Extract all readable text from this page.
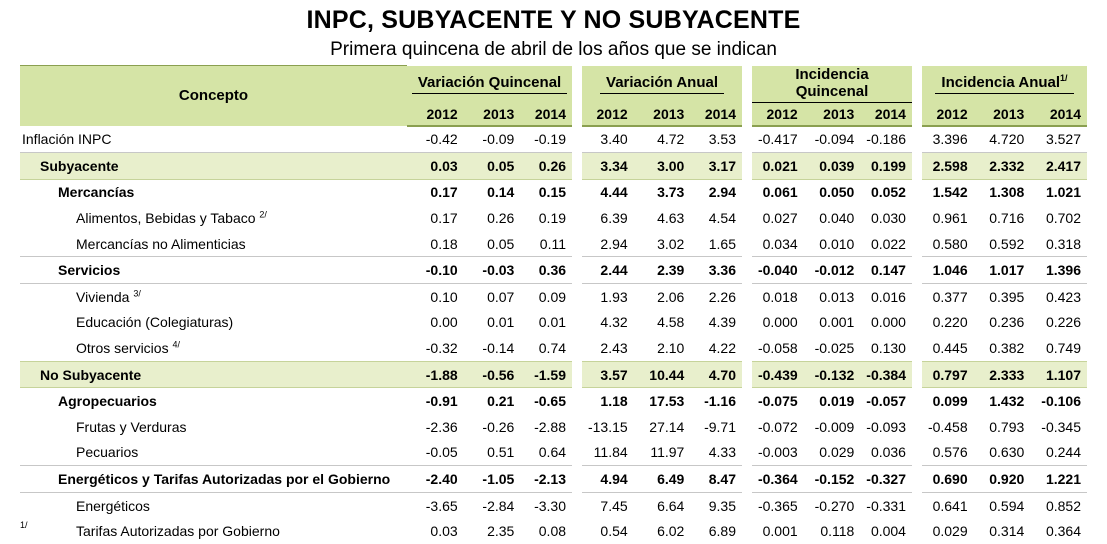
INPC, SUBYACENTE Y NO SUBYACENTE
Primera quincena de abril de los años que se indican
Concepto	Variación Quincenal			Variación Anual			Incidencia Quincenal			Incidencia Anual$^{1/}$
	2012	2013	2014	2012	2013	2014	2012	2013	2014	2012	2013	2014
Inflación INPC	-0.42	-0.09	-0.19	3.40	4.72	3.53	-0.417	-0.094	-0.186	3.396	4.720	3.527
Subyacente	0.03	0.05	0.26	3.34	3.00	3.17	0.021	0.039	0.199	2.598	2.332	2.417
Mercancías	0.17	0.14	0.15	4.44	3.73	2.94	0.061	0.050	0.052	1.542	1.308	1.021
Alimentos, Bebidas y Tabaco $^{2/}$	0.17	0.26	0.19	6.39	4.63	4.54	0.027	0.040	0.030	0.961	0.716	0.702
Mercancías no Alimenticias	0.18	0.05	0.11	2.94	3.02	1.65	0.034	0.010	0.022	0.580	0.592	0.318
Servicios	-0.10	-0.03	0.36	2.44	2.39	3.36	-0.040	-0.012	0.147	1.046	1.017	1.396
Vivienda $^{3/}$	0.10	0.07	0.09	1.93	2.06	2.26	0.018	0.013	0.016	0.377	0.395	0.423
Educación (Colegiaturas)	0.00	0.01	0.01	4.32	4.58	4.39	0.000	0.001	0.000	0.220	0.236	0.226
Otros servicios $^{4/}$	-0.32	-0.14	0.74	2.43	2.10	4.22	-0.058	-0.025	0.130	0.445	0.382	0.749
No Subyacente	-1.88	-0.56	-1.59	3.57	10.44	4.70	-0.439	-0.132	-0.384	0.797	2.333	1.107
Agropecuarios	-0.91	0.21	-0.65	1.18	17.53	-1.16	-0.075	0.019	-0.057	0.099	1.432	-0.106
Frutas y Verduras	-2.36	-0.26	-2.88	-13.15	27.14	-9.71	-0.072	-0.009	-0.093	-0.458	0.793	-0.345
Pecuarios	-0.05	0.51	0.64	11.84	11.97	4.33	-0.003	0.029	0.036	0.576	0.630	0.244
Energéticos y Tarifas Autorizadas por el Gobierno	-2.40	-1.05	-2.13	4.94	6.49	8.47	-0.364	-0.152	-0.327	0.690	0.920	1.221
Energéticos	-3.65	-2.84	-3.30	7.45	6.64	9.35	-0.365	-0.270	-0.331	0.641	0.594	0.852
Tarifas Autorizadas por Gobierno	0.03	2.35	0.08	0.54	6.02	6.89	0.001	0.118	0.004	0.029	0.314	0.364
1/
